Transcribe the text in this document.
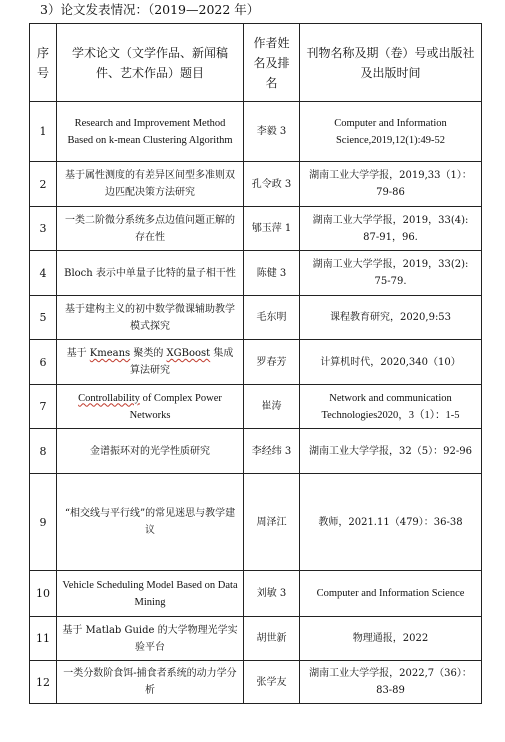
3）论文发表情况：（2019—2022 年）
序号	学术论文（文学作品、新闻稿件、艺术作品）题目	作者姓名及排名	刊物名称及期（卷）号或出版社及出版时间
1	Research and Improvement Method Based on k-mean Clustering Algorithm	李毅 3	Computer and Information Science,2019,12(1):49-52
2	基于属性测度的有差异区间型多准则双边匹配决策方法研究	孔令政 3	湖南工业大学学报，2019,33（1）：79-86
3	一类二阶微分系统多点边值问题正解的存在性	郇玉萍 1	湖南工业大学学报，2019，33(4): 87-91，96.
4	Bloch 表示中单量子比特的量子相干性	陈健 3	湖南工业大学学报，2019，33(2): 75-79.
5	基于建构主义的初中数学微课辅助教学模式探究	毛东明	课程教育研究，2020,9:53
6	基于 Kmeans 聚类的 XGBoost 集成算法研究	罗春芳	计算机时代，2020,340（10）
7	Controllability of Complex Power Networks	崔涛	Network and communication Technologies2020，3（1）：1-5
8	金谱振环对的光学性质研究	李经纬 3	湖南工业大学学报，32（5）：92-96
9	“相交线与平行线”的常见迷思与教学建议	周泽江	教师，2021.11（479）：36-38
10	Vehicle Scheduling Model Based on Data Mining	刘敏 3	Computer and Information Science
11	基于 Matlab Guide 的大学物理光学实验平台	胡世新	物理通报，2022
12	一类分数阶食饵-捕食者系统的动力学分析	张学友	湖南工业大学学报，2022,7（36）：83-89
